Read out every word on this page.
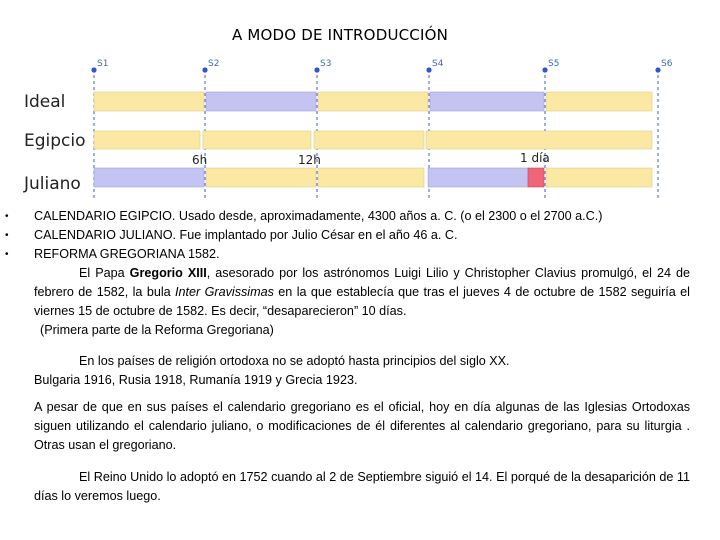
A MODO DE INTRODUCCIÓN
S1	S2	S3	S4	S5	S6
Ideal
Egipcio
Juliano
6h	12h	1 día
• CALENDARIO EGIPCIO. Usado desde, aproximadamente, 4300 años a. C. (o el 2300 o el 2700 a.C.)
• CALENDARIO JULIANO. Fue implantado por Julio César en el año 46 a. C.
• REFORMA GREGORIANA 1582.

El Papa Gregorio XIII, asesorado por los astrónomos Luigi Lilio y Christopher Clavius promulgó, el 24 de febrero de 1582, la bula Inter Gravissimas en la que establecía que tras el jueves 4 de octubre de 1582 seguiría el viernes 15 de octubre de 1582. Es decir, “desaparecieron” 10 días.

(Primera parte de la Reforma Gregoriana)

En los países de religión ortodoxa no se adoptó hasta principios del siglo XX.
Bulgaria 1916, Rusia 1918, Rumanía 1919 y Grecia 1923.

A pesar de que en sus países el calendario gregoriano es el oficial, hoy en día algunas de las Iglesias Ortodoxas siguen utilizando el calendario juliano, o modificaciones de él diferentes al calendario gregoriano, para su liturgia . Otras usan el gregoriano.

El Reino Unido lo adoptó en 1752 cuando al 2 de Septiembre siguió el 14. El porqué de la desaparición de 11 días lo veremos luego.
